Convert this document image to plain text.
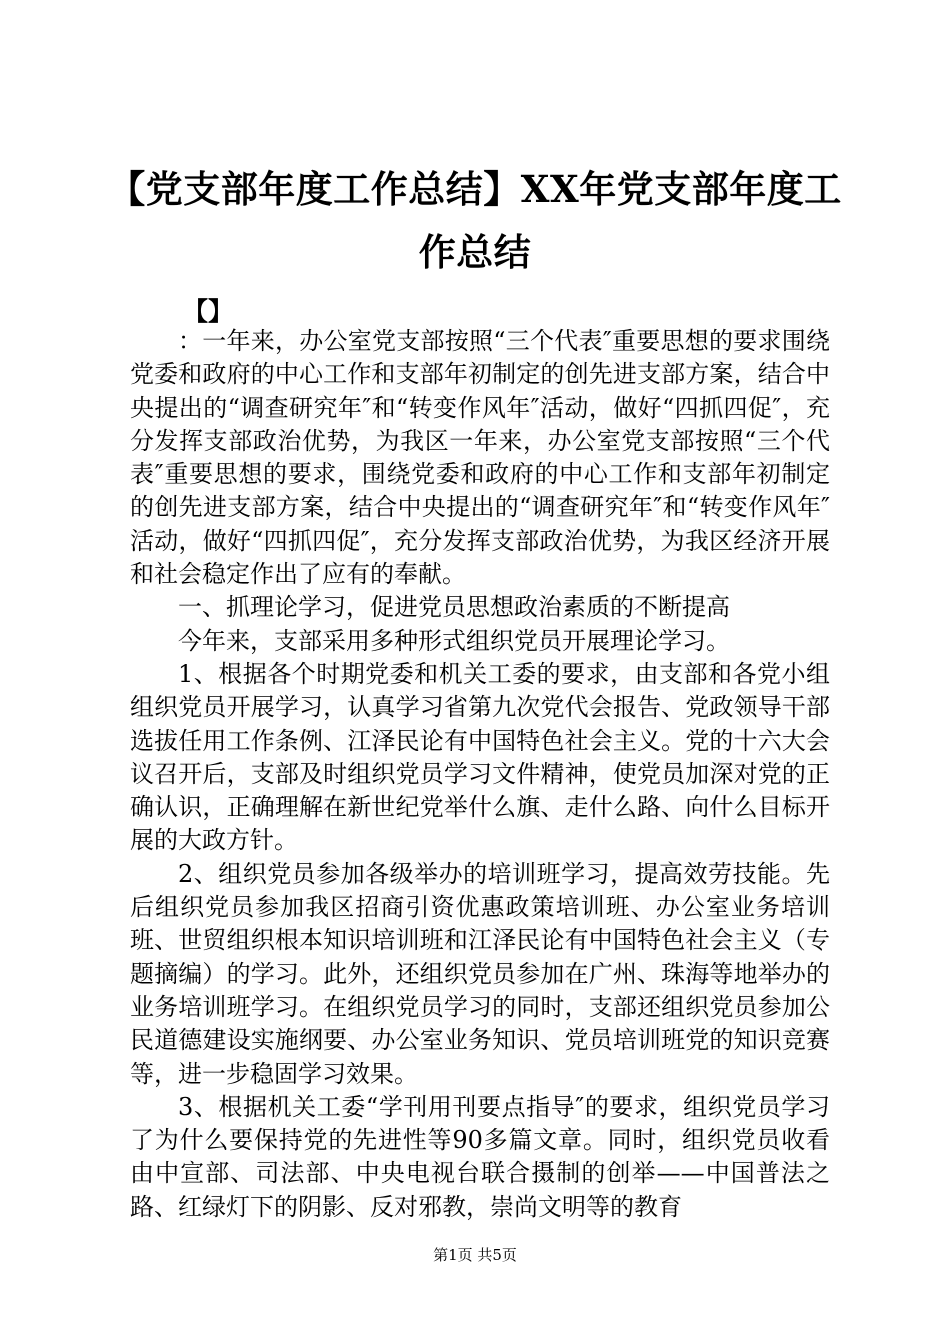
【党支部年度工作总结】XX年党支部年度工作总结
【】

：一年来，办公室党支部按照“三个代表″重要思想的要求围绕党委和政府的中心工作和支部年初制定的创先进支部方案，结合中央提出的“调查研究年″和“转变作风年″活动，做好“四抓四促″，充分发挥支部政治优势，为我区一年来，办公室党支部按照“三个代表″重要思想的要求，围绕党委和政府的中心工作和支部年初制定的创先进支部方案，结合中央提出的“调查研究年″和“转变作风年″活动，做好“四抓四促″，充分发挥支部政治优势，为我区经济开展和社会稳定作出了应有的奉献。

一、抓理论学习，促进党员思想政治素质的不断提高

今年来，支部采用多种形式组织党员开展理论学习。

1、根据各个时期党委和机关工委的要求，由支部和各党小组组织党员开展学习，认真学习省第九次党代会报告、党政领导干部选拔任用工作条例、江泽民论有中国特色社会主义。党的十六大会议召开后，支部及时组织党员学习文件精神，使党员加深对党的正确认识，正确理解在新世纪党举什么旗、走什么路、向什么目标开展的大政方针。

2、组织党员参加各级举办的培训班学习，提高效劳技能。先后组织党员参加我区招商引资优惠政策培训班、办公室业务培训班、世贸组织根本知识培训班和江泽民论有中国特色社会主义（专题摘编）的学习。此外，还组织党员参加在广州、珠海等地举办的业务培训班学习。在组织党员学习的同时，支部还组织党员参加公民道德建设实施纲要、办公室业务知识、党员培训班党的知识竞赛等，进一步稳固学习效果。

3、根据机关工委“学刊用刊要点指导″的要求，组织党员学习了为什么要保持党的先进性等90多篇文章。同时，组织党员收看由中宣部、司法部、中央电视台联合摄制的创举——中国普法之路、红绿灯下的阴影、反对邪教，崇尚文明等的教育

第1页 共5页
